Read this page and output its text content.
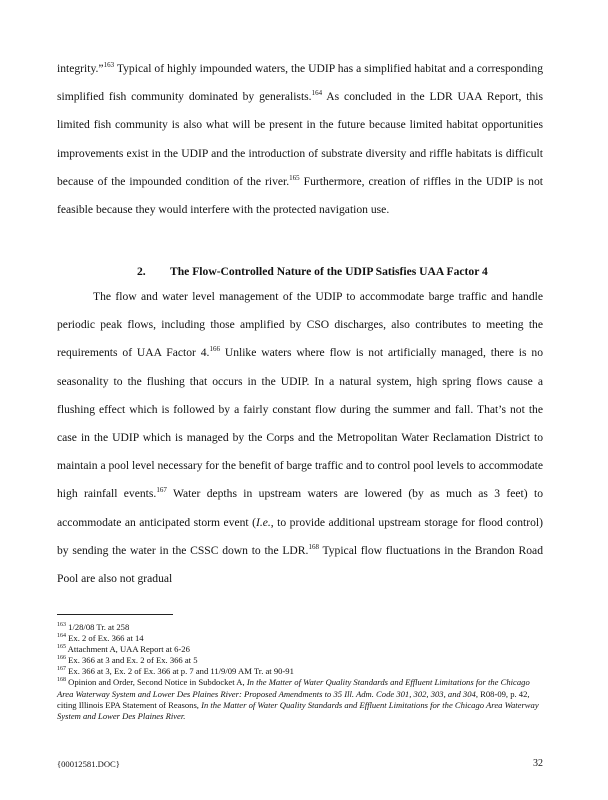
integrity.”$^{163}$ Typical of highly impounded waters, the UDIP has a simplified habitat and a corresponding simplified fish community dominated by generalists.$^{164}$ As concluded in the LDR UAA Report, this limited fish community is also what will be present in the future because limited habitat opportunities improvements exist in the UDIP and the introduction of substrate diversity and riffle habitats is difficult because of the impounded condition of the river.$^{165}$ Furthermore, creation of riffles in the UDIP is not feasible because they would interfere with the protected navigation use.
2. The Flow-Controlled Nature of the UDIP Satisfies UAA Factor 4
The flow and water level management of the UDIP to accommodate barge traffic and handle periodic peak flows, including those amplified by CSO discharges, also contributes to meeting the requirements of UAA Factor 4.$^{166}$ Unlike waters where flow is not artificially managed, there is no seasonality to the flushing that occurs in the UDIP. In a natural system, high spring flows cause a flushing effect which is followed by a fairly constant flow during the summer and fall. That’s not the case in the UDIP which is managed by the Corps and the Metropolitan Water Reclamation District to maintain a pool level necessary for the benefit of barge traffic and to control pool levels to accommodate high rainfall events.$^{167}$ Water depths in upstream waters are lowered (by as much as 3 feet) to accommodate an anticipated storm event (I.e., to provide additional upstream storage for flood control) by sending the water in the CSSC down to the LDR.$^{168}$ Typical flow fluctuations in the Brandon Road Pool are also not gradual
$^{163}$ 1/28/08 Tr. at 258
$^{164}$ Ex. 2 of Ex. 366 at 14
$^{165}$ Attachment A, UAA Report at 6-26
$^{166}$ Ex. 366 at 3 and Ex. 2 of Ex. 366 at 5
$^{167}$ Ex. 366 at 3, Ex. 2 of Ex. 366 at p. 7 and 11/9/09 AM Tr. at 90-91
$^{168}$ Opinion and Order, Second Notice in Subdocket A, In the Matter of Water Quality Standards and Effluent Limitations for the Chicago Area Waterway System and Lower Des Plaines River: Proposed Amendments to 35 Ill. Adm. Code 301, 302, 303, and 304, R08-09, p. 42, citing Illinois EPA Statement of Reasons, In the Matter of Water Quality Standards and Effluent Limitations for the Chicago Area Waterway System and Lower Des Plaines River.
{00012581.DOC}	32
